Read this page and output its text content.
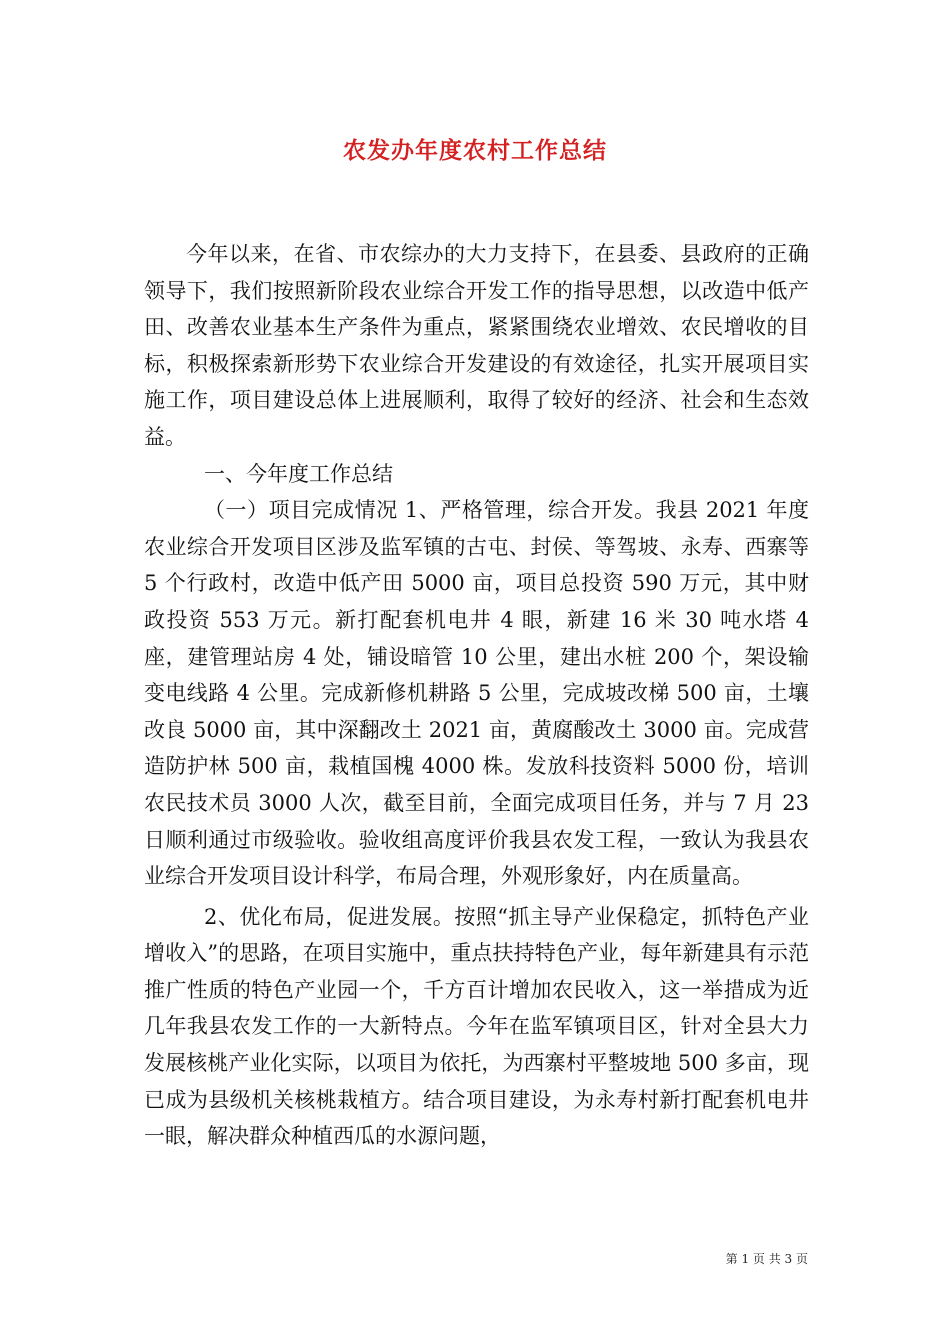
农发办年度农村工作总结

今年以来，在省、市农综办的大力支持下，在县委、县政府的正确领导下，我们按照新阶段农业综合开发工作的指导思想，以改造中低产田、改善农业基本生产条件为重点，紧紧围绕农业增效、农民增收的目标，积极探索新形势下农业综合开发建设的有效途径，扎实开展项目实施工作，项目建设总体上进展顺利，取得了较好的经济、社会和生态效益。

一、今年度工作总结

（一）项目完成情况 1、严格管理，综合开发。我县 2021 年度农业综合开发项目区涉及监军镇的古屯、封侯、等驾坡、永寿、西寨等 5 个行政村，改造中低产田 5000 亩，项目总投资 590 万元，其中财政投资 553 万元。新打配套机电井 4 眼，新建 16 米 30 吨水塔 4 座，建管理站房 4 处，铺设暗管 10 公里，建出水桩 200 个，架设输变电线路 4 公里。完成新修机耕路 5 公里，完成坡改梯 500 亩，土壤改良 5000 亩，其中深翻改土 2021 亩，黄腐酸改土 3000 亩。完成营造防护林 500 亩，栽植国槐 4000 株。发放科技资料 5000 份，培训农民技术员 3000 人次，截至目前，全面完成项目任务，并与 7 月 23 日顺利通过市级验收。验收组高度评价我县农发工程，一致认为我县农业综合开发项目设计科学，布局合理，外观形象好，内在质量高。

2、优化布局，促进发展。按照“抓主导产业保稳定，抓特色产业增收入”的思路，在项目实施中，重点扶持特色产业，每年新建具有示范推广性质的特色产业园一个，千方百计增加农民收入，这一举措成为近几年我县农发工作的一大新特点。今年在监军镇项目区，针对全县大力发展核桃产业化实际，以项目为依托，为西寨村平整坡地 500 多亩，现已成为县级机关核桃栽植方。结合项目建设，为永寿村新打配套机电井一眼，解决群众种植西瓜的水源问题，

第 1 页 共 3 页
